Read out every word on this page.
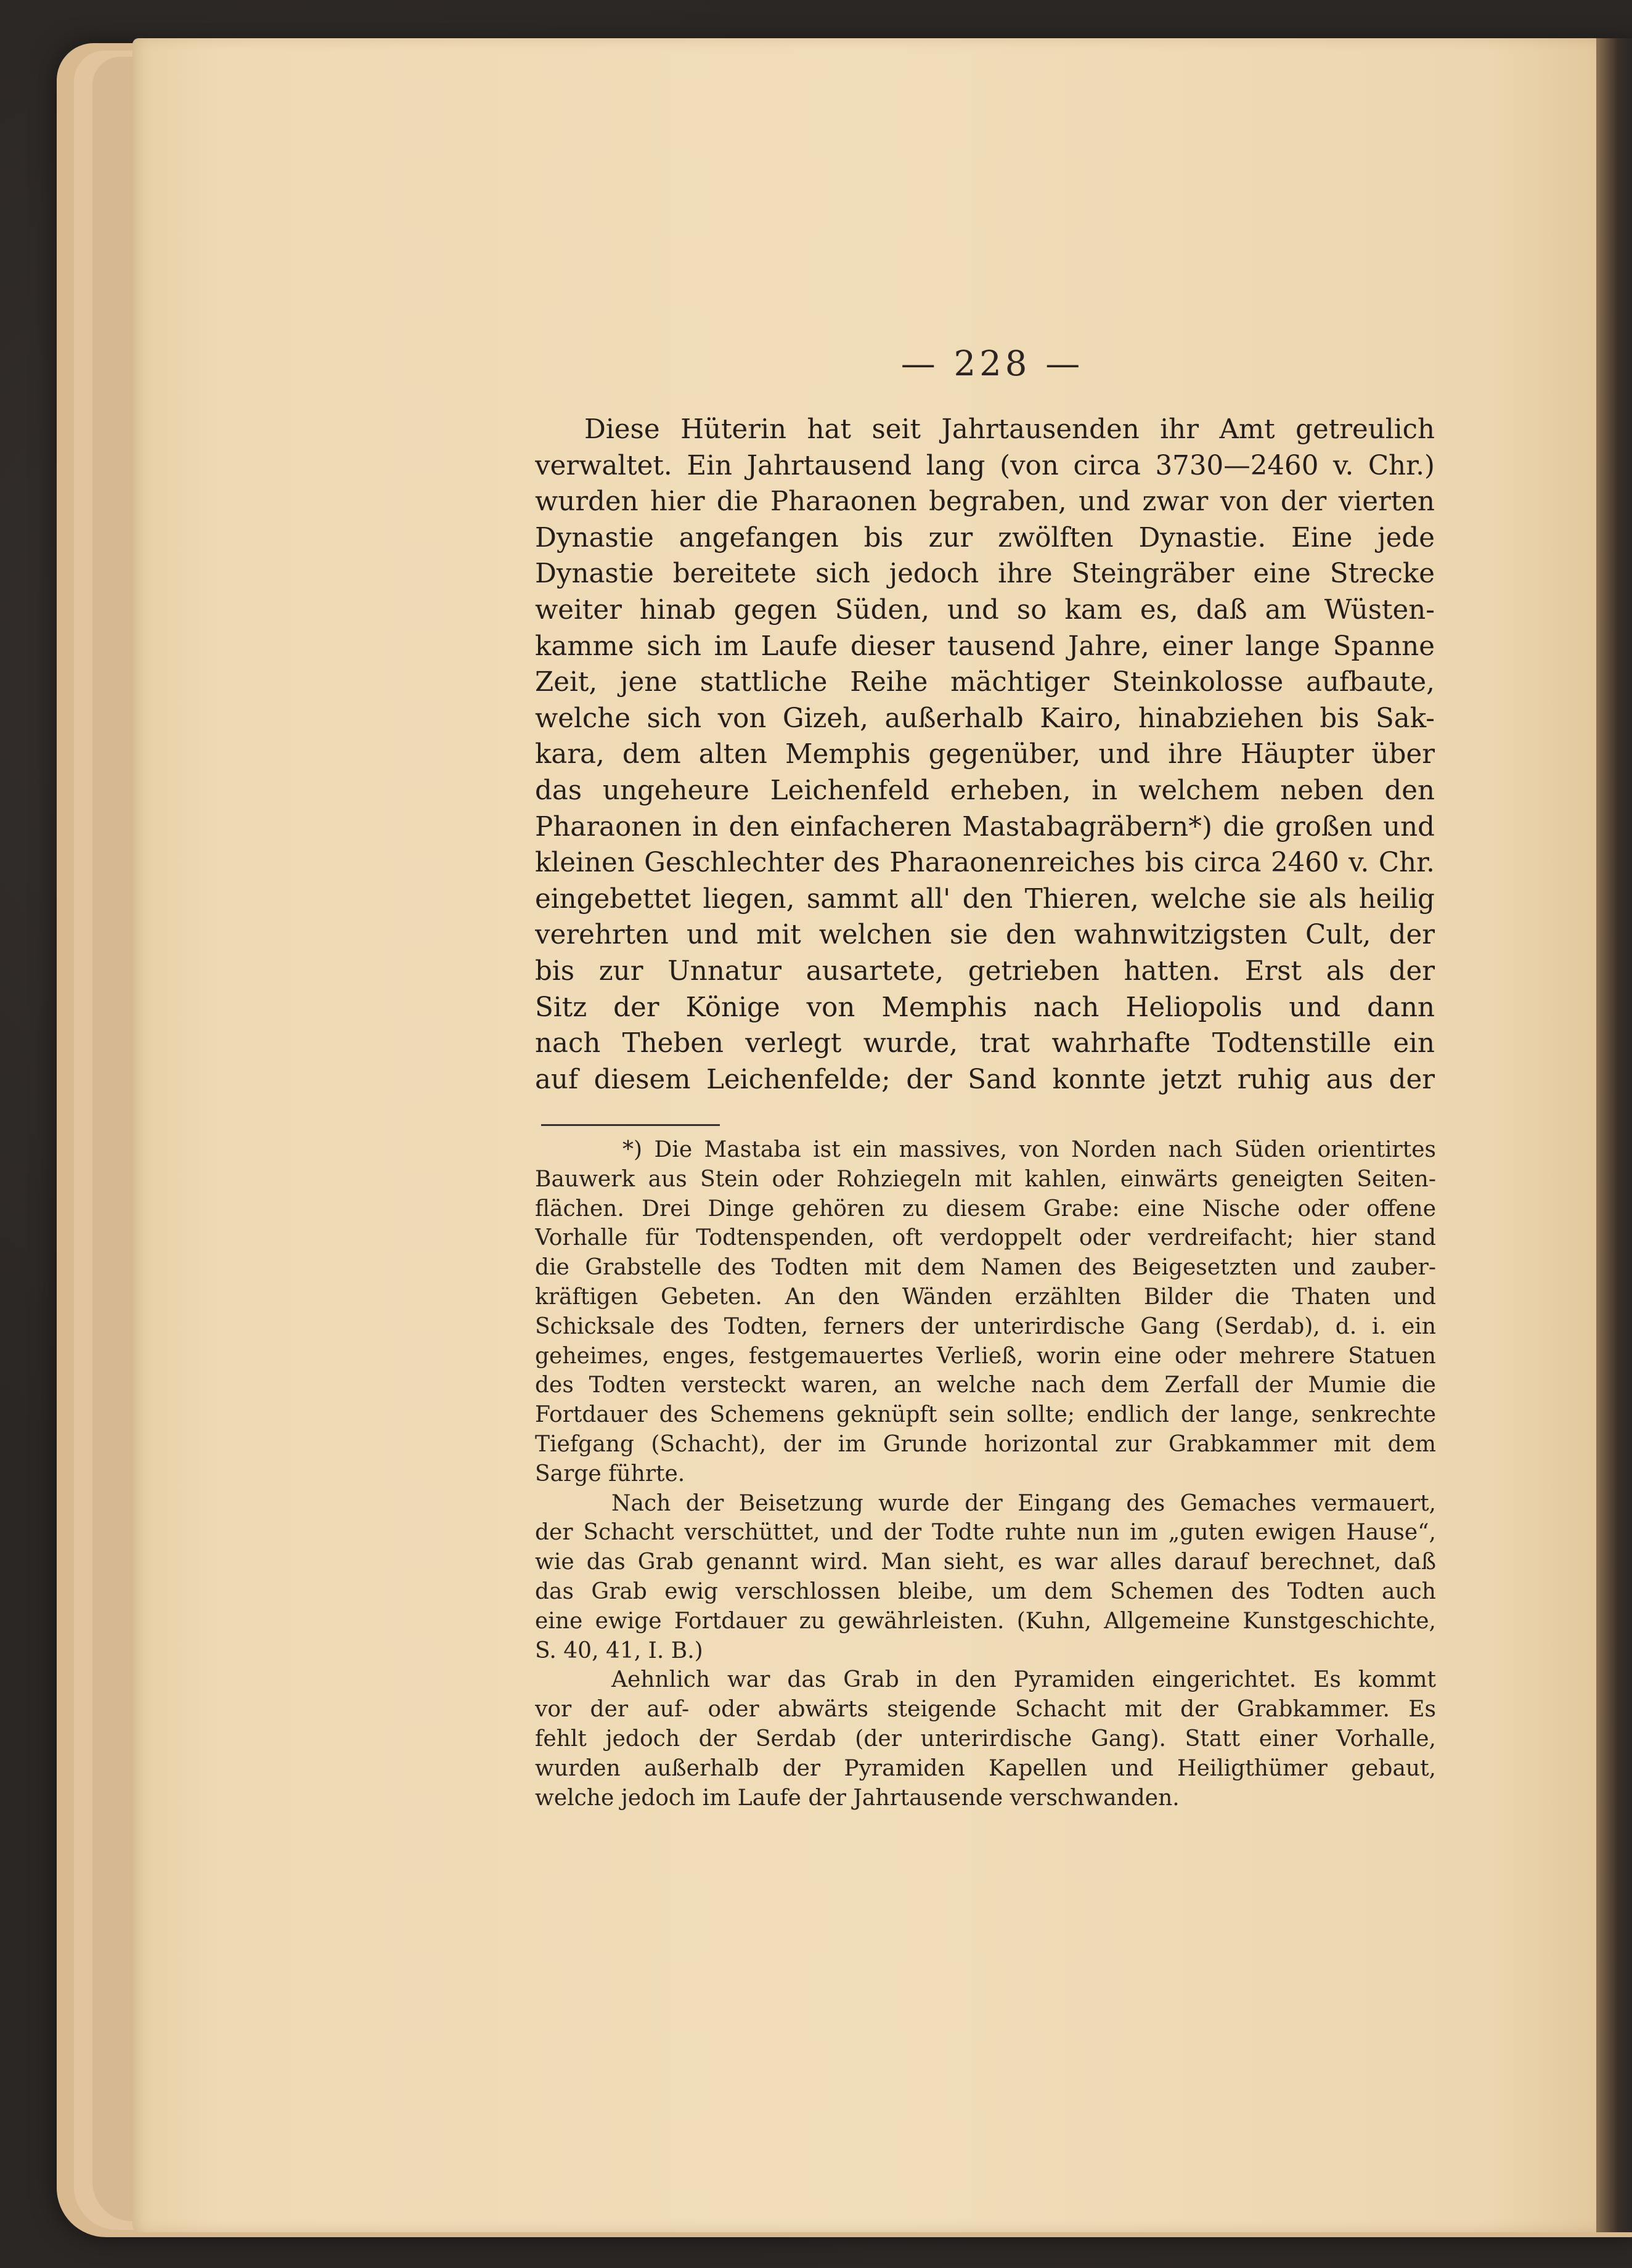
— 228 —
Diese Hüterin hat seit Jahrtausenden ihr Amt getreulich
verwaltet. Ein Jahrtausend lang (von circa 3730—2460 v. Chr.)
wurden hier die Pharaonen begraben, und zwar von der vierten
Dynastie angefangen bis zur zwölften Dynastie. Eine jede
Dynastie bereitete sich jedoch ihre Steingräber eine Strecke
weiter hinab gegen Süden, und so kam es, daß am Wüsten-
kamme sich im Laufe dieser tausend Jahre, einer lange Spanne
Zeit, jene stattliche Reihe mächtiger Steinkolosse aufbaute,
welche sich von Gizeh, außerhalb Kairo, hinabziehen bis Sak-
kara, dem alten Memphis gegenüber, und ihre Häupter über
das ungeheure Leichenfeld erheben, in welchem neben den
Pharaonen in den einfacheren Mastabagräbern*) die großen und
kleinen Geschlechter des Pharaonenreiches bis circa 2460 v. Chr.
eingebettet liegen, sammt all' den Thieren, welche sie als heilig
verehrten und mit welchen sie den wahnwitzigsten Cult, der
bis zur Unnatur ausartete, getrieben hatten. Erst als der
Sitz der Könige von Memphis nach Heliopolis und dann
nach Theben verlegt wurde, trat wahrhafte Todtenstille ein
auf diesem Leichenfelde; der Sand konnte jetzt ruhig aus der
*) Die Mastaba ist ein massives, von Norden nach Süden orientirtes
Bauwerk aus Stein oder Rohziegeln mit kahlen, einwärts geneigten Seiten-
flächen. Drei Dinge gehören zu diesem Grabe: eine Nische oder offene
Vorhalle für Todtenspenden, oft verdoppelt oder verdreifacht; hier stand
die Grabstelle des Todten mit dem Namen des Beigesetzten und zauber-
kräftigen Gebeten. An den Wänden erzählten Bilder die Thaten und
Schicksale des Todten, ferners der unterirdische Gang (Serdab), d. i. ein
geheimes, enges, festgemauertes Verließ, worin eine oder mehrere Statuen
des Todten versteckt waren, an welche nach dem Zerfall der Mumie die
Fortdauer des Schemens geknüpft sein sollte; endlich der lange, senkrechte
Tiefgang (Schacht), der im Grunde horizontal zur Grabkammer mit dem
Sarge führte.
Nach der Beisetzung wurde der Eingang des Gemaches vermauert,
der Schacht verschüttet, und der Todte ruhte nun im „guten ewigen Hause“,
wie das Grab genannt wird. Man sieht, es war alles darauf berechnet, daß
das Grab ewig verschlossen bleibe, um dem Schemen des Todten auch
eine ewige Fortdauer zu gewährleisten. (Kuhn, Allgemeine Kunstgeschichte,
S. 40, 41, I. B.)
Aehnlich war das Grab in den Pyramiden eingerichtet. Es kommt
vor der auf- oder abwärts steigende Schacht mit der Grabkammer. Es
fehlt jedoch der Serdab (der unterirdische Gang). Statt einer Vorhalle,
wurden außerhalb der Pyramiden Kapellen und Heiligthümer gebaut,
welche jedoch im Laufe der Jahrtausende verschwanden.
